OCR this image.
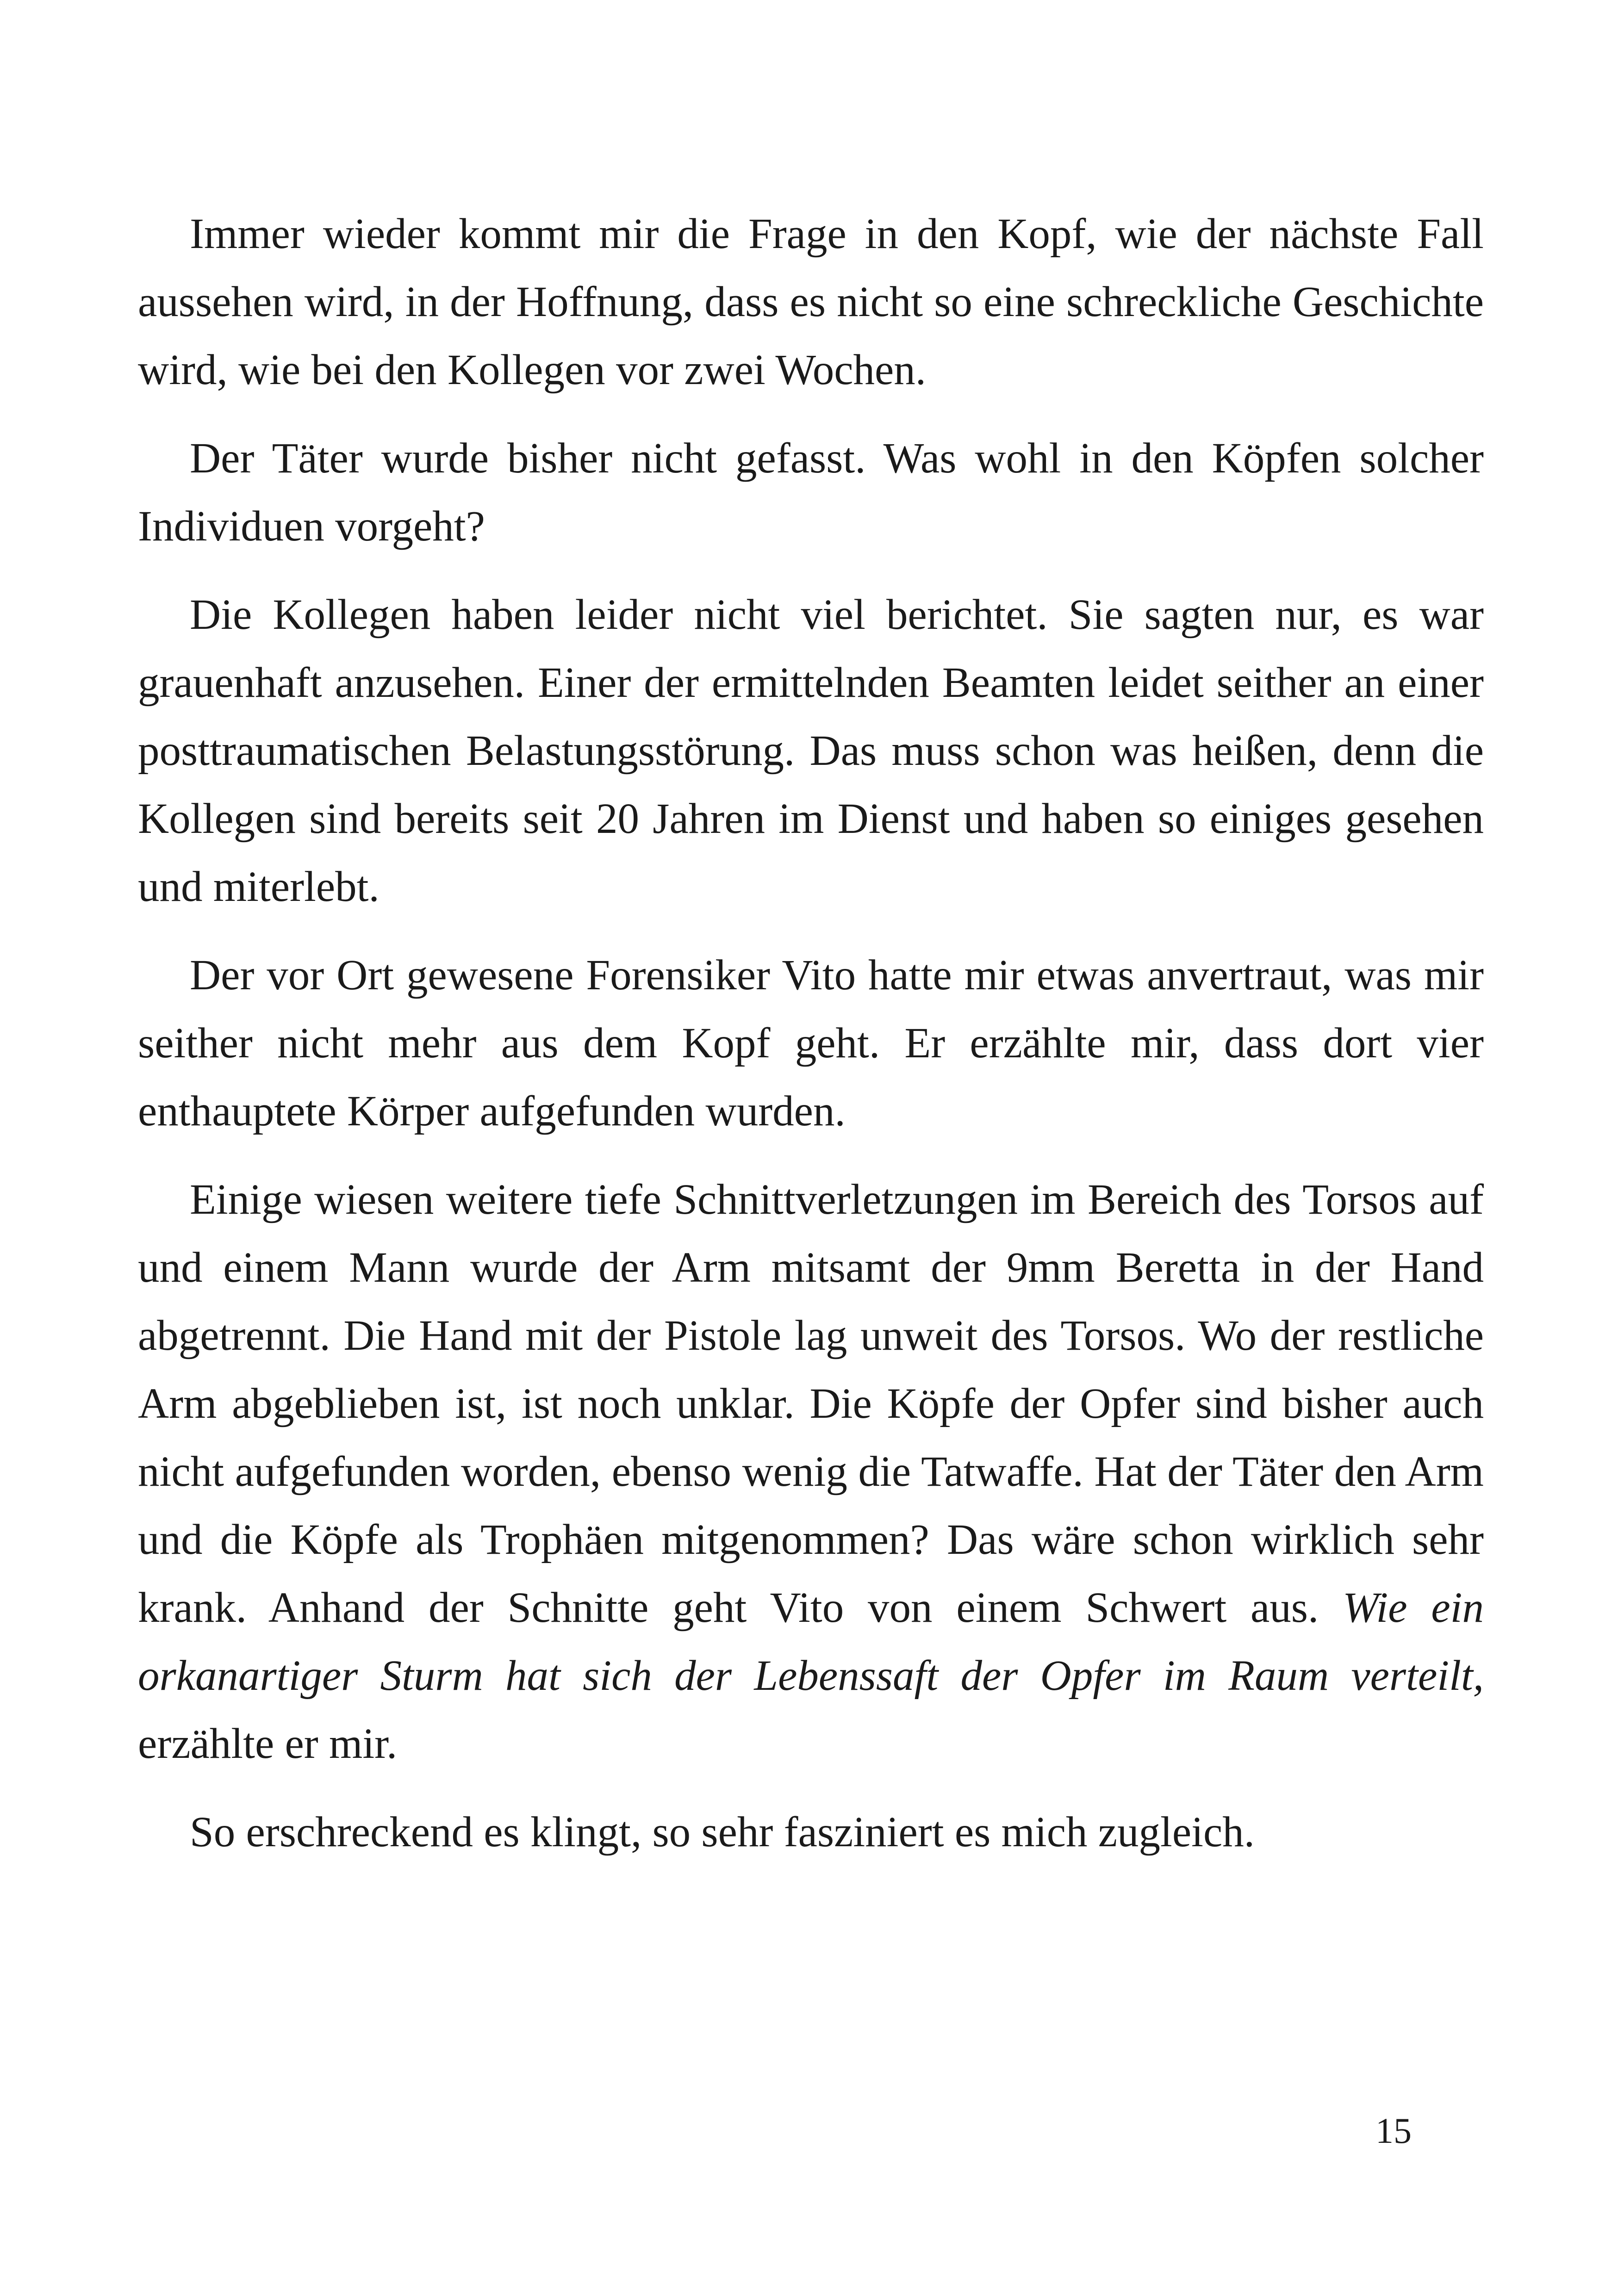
Immer wieder kommt mir die Frage in den Kopf, wie der nächste Fall aussehen wird, in der Hoffnung, dass es nicht so eine schreckliche Geschichte wird, wie bei den Kollegen vor zwei Wochen.

Der Täter wurde bisher nicht gefasst. Was wohl in den Köpfen solcher Individuen vorgeht?

Die Kollegen haben leider nicht viel berichtet. Sie sagten nur, es war grauenhaft anzusehen. Einer der ermittelnden Beamten leidet seither an einer posttraumatischen Belastungsstörung. Das muss schon was heißen, denn die Kollegen sind bereits seit 20 Jahren im Dienst und haben so einiges gesehen und miterlebt.

Der vor Ort gewesene Forensiker Vito hatte mir etwas anvertraut, was mir seither nicht mehr aus dem Kopf geht. Er erzählte mir, dass dort vier enthauptete Körper aufgefunden wurden.

Einige wiesen weitere tiefe Schnittverletzungen im Bereich des Torsos auf und einem Mann wurde der Arm mitsamt der 9mm Beretta in der Hand abgetrennt. Die Hand mit der Pistole lag unweit des Torsos. Wo der restliche Arm abgeblieben ist, ist noch unklar. Die Köpfe der Opfer sind bisher auch nicht aufgefunden worden, ebenso wenig die Tatwaffe. Hat der Täter den Arm und die Köpfe als Trophäen mitgenommen? Das wäre schon wirklich sehr krank. Anhand der Schnitte geht Vito von einem Schwert aus. Wie ein orkanartiger Sturm hat sich der Lebenssaft der Opfer im Raum verteilt, erzählte er mir.

So erschreckend es klingt, so sehr fasziniert es mich zugleich.

15
